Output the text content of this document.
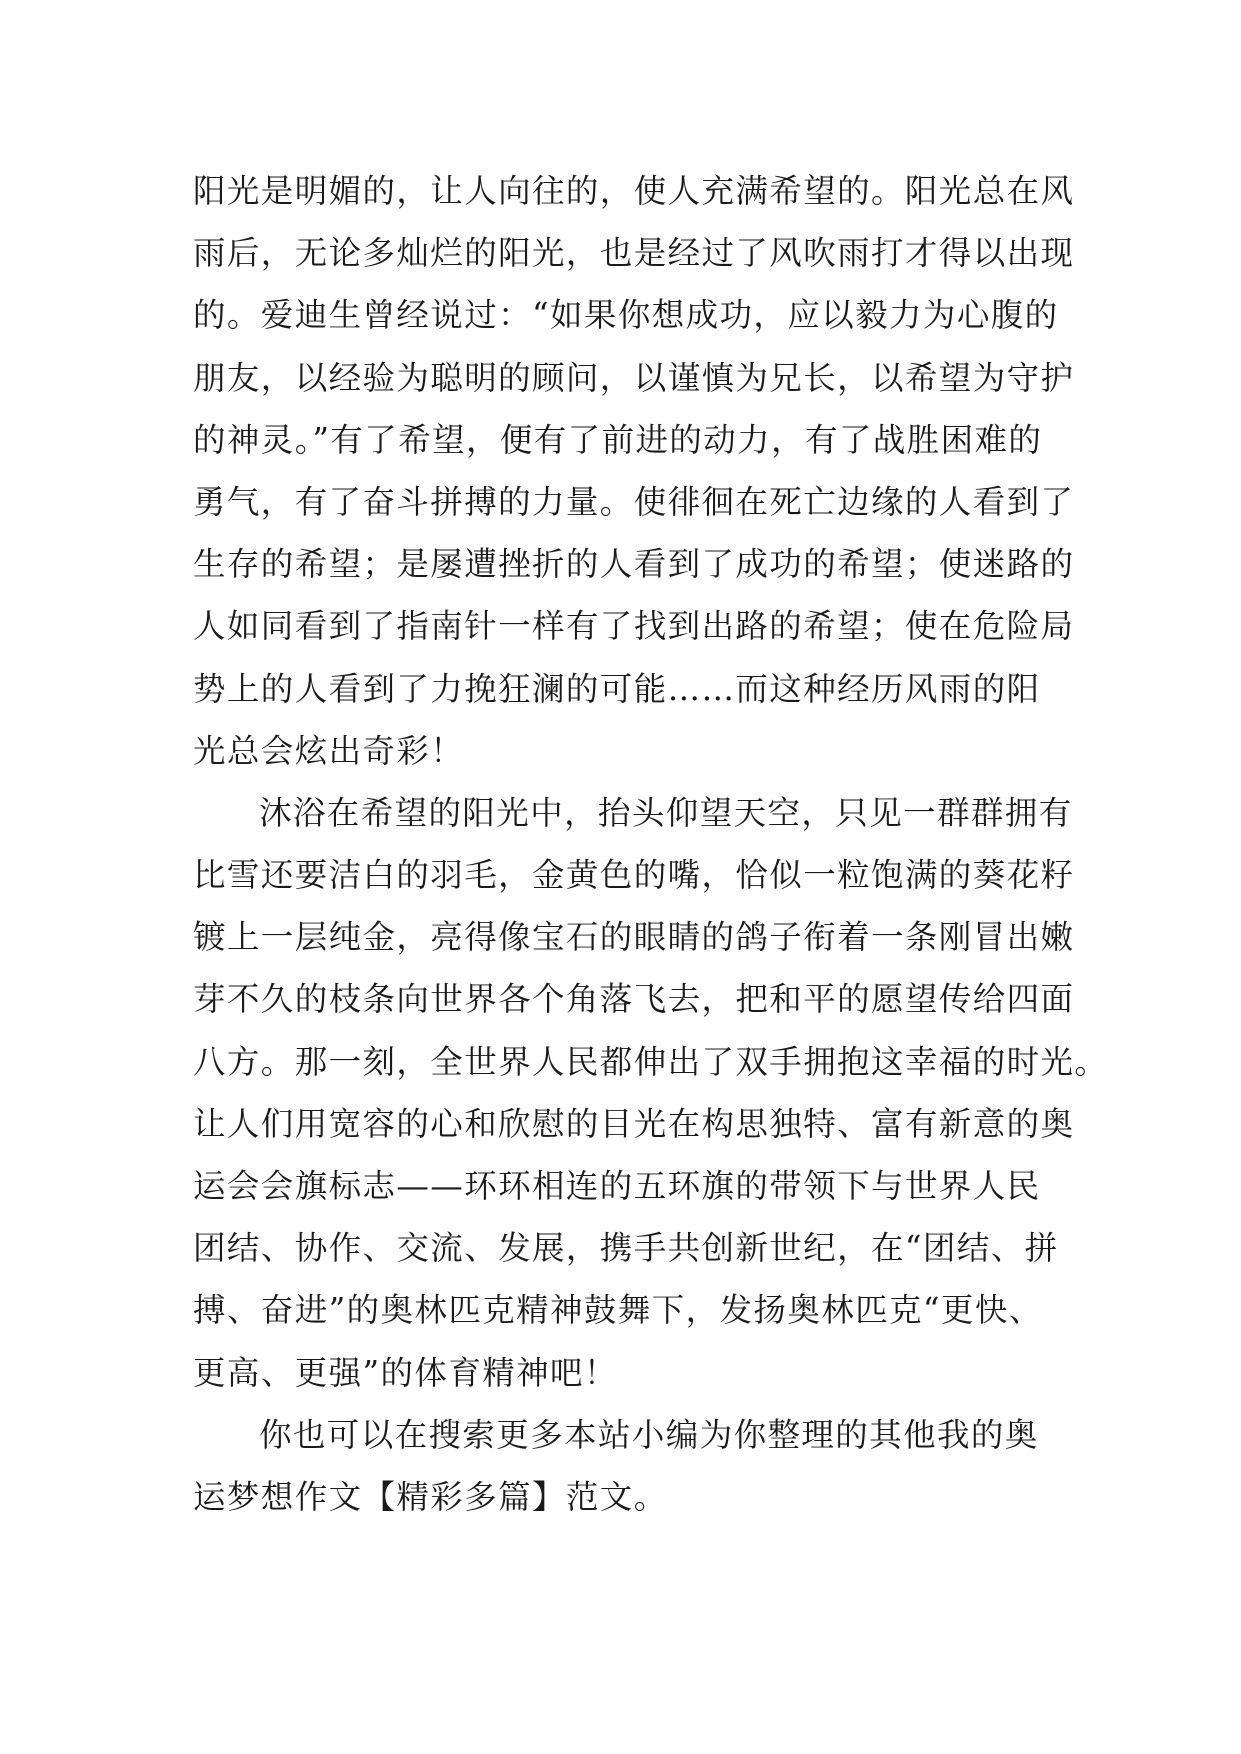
阳光是明媚的，让人向往的，使人充满希望的。阳光总在风
雨后，无论多灿烂的阳光，也是经过了风吹雨打才得以出现
的。爱迪生曾经说过：“如果你想成功，应以毅力为心腹的
朋友，以经验为聪明的顾问，以谨慎为兄长，以希望为守护
的神灵。”有了希望，便有了前进的动力，有了战胜困难的
勇气，有了奋斗拼搏的力量。使徘徊在死亡边缘的人看到了
生存的希望；是屡遭挫折的人看到了成功的希望；使迷路的
人如同看到了指南针一样有了找到出路的希望；使在危险局
势上的人看到了力挽狂澜的可能……而这种经历风雨的阳
光总会炫出奇彩！
沐浴在希望的阳光中，抬头仰望天空，只见一群群拥有
比雪还要洁白的羽毛，金黄色的嘴，恰似一粒饱满的葵花籽
镀上一层纯金，亮得像宝石的眼睛的鸽子衔着一条刚冒出嫩
芽不久的枝条向世界各个角落飞去，把和平的愿望传给四面
八方。那一刻，全世界人民都伸出了双手拥抱这幸福的时光。
让人们用宽容的心和欣慰的目光在构思独特、富有新意的奥
运会会旗标志——环环相连的五环旗的带领下与世界人民
团结、协作、交流、发展，携手共创新世纪，在“团结、拼
搏、奋进”的奥林匹克精神鼓舞下，发扬奥林匹克“更快、
更高、更强”的体育精神吧！
你也可以在搜索更多本站小编为你整理的其他我的奥
运梦想作文【精彩多篇】范文。
